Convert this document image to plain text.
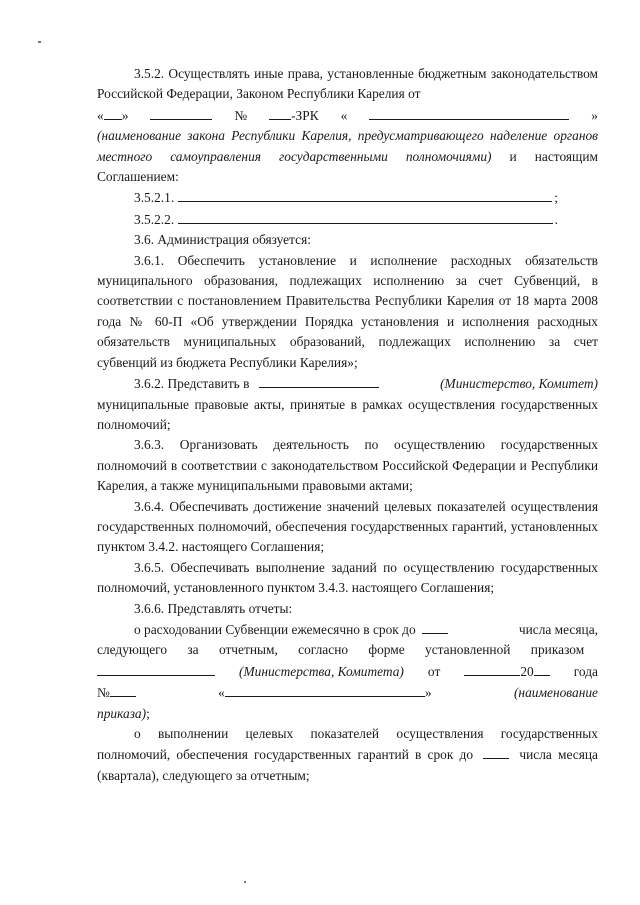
3.5.2. Осуществлять иные права, установленные бюджетным законодательством Российской Федерации, Законом Республики Карелия от

« »	№	-ЗРК «	»

(наименование закона Республики Карелия, предусматривающего наделение органов местного самоуправления государственными полномочиями) и настоящим Соглашением:

3.5.2.1.	;
3.5.2.2.	.

3.6. Администрация обязуется:

3.6.1. Обеспечить установление и исполнение расходных обязательств муниципального образования, подлежащих исполнению за счет Субвенций, в соответствии с постановлением Правительства Республики Карелия от 18 марта 2008 года № 60-П «Об утверждении Порядка установления и исполнения расходных обязательств муниципальных образований, подлежащих исполнению за счет субвенций из бюджета Республики Карелия»;

3.6.2. Представить в	(Министерство, Комитет)

муниципальные правовые акты, принятые в рамках осуществления государственных полномочий;

3.6.3. Организовать деятельность по осуществлению государственных полномочий в соответствии с законодательством Российской Федерации и Республики Карелия, а также муниципальными правовыми актами;

3.6.4. Обеспечивать достижение значений целевых показателей осуществления государственных полномочий, обеспечения государственных гарантий, установленных пунктом 3.4.2. настоящего Соглашения;

3.6.5. Обеспечивать выполнение заданий по осуществлению государственных полномочий, установленного пунктом 3.4.3. настоящего Соглашения;

3.6.6. Представлять отчеты:

о расходовании Субвенции ежемесячно в срок до	числа месяца,
следующего за отчетным, согласно форме установленной приказом
(Министерства, Комитета) от	20	года
№	«	»	(наименование

приказа);

о выполнении целевых показателей осуществления государственных полномочий, обеспечения государственных гарантий в срок до	числа месяца (квартала), следующего за отчетным;
